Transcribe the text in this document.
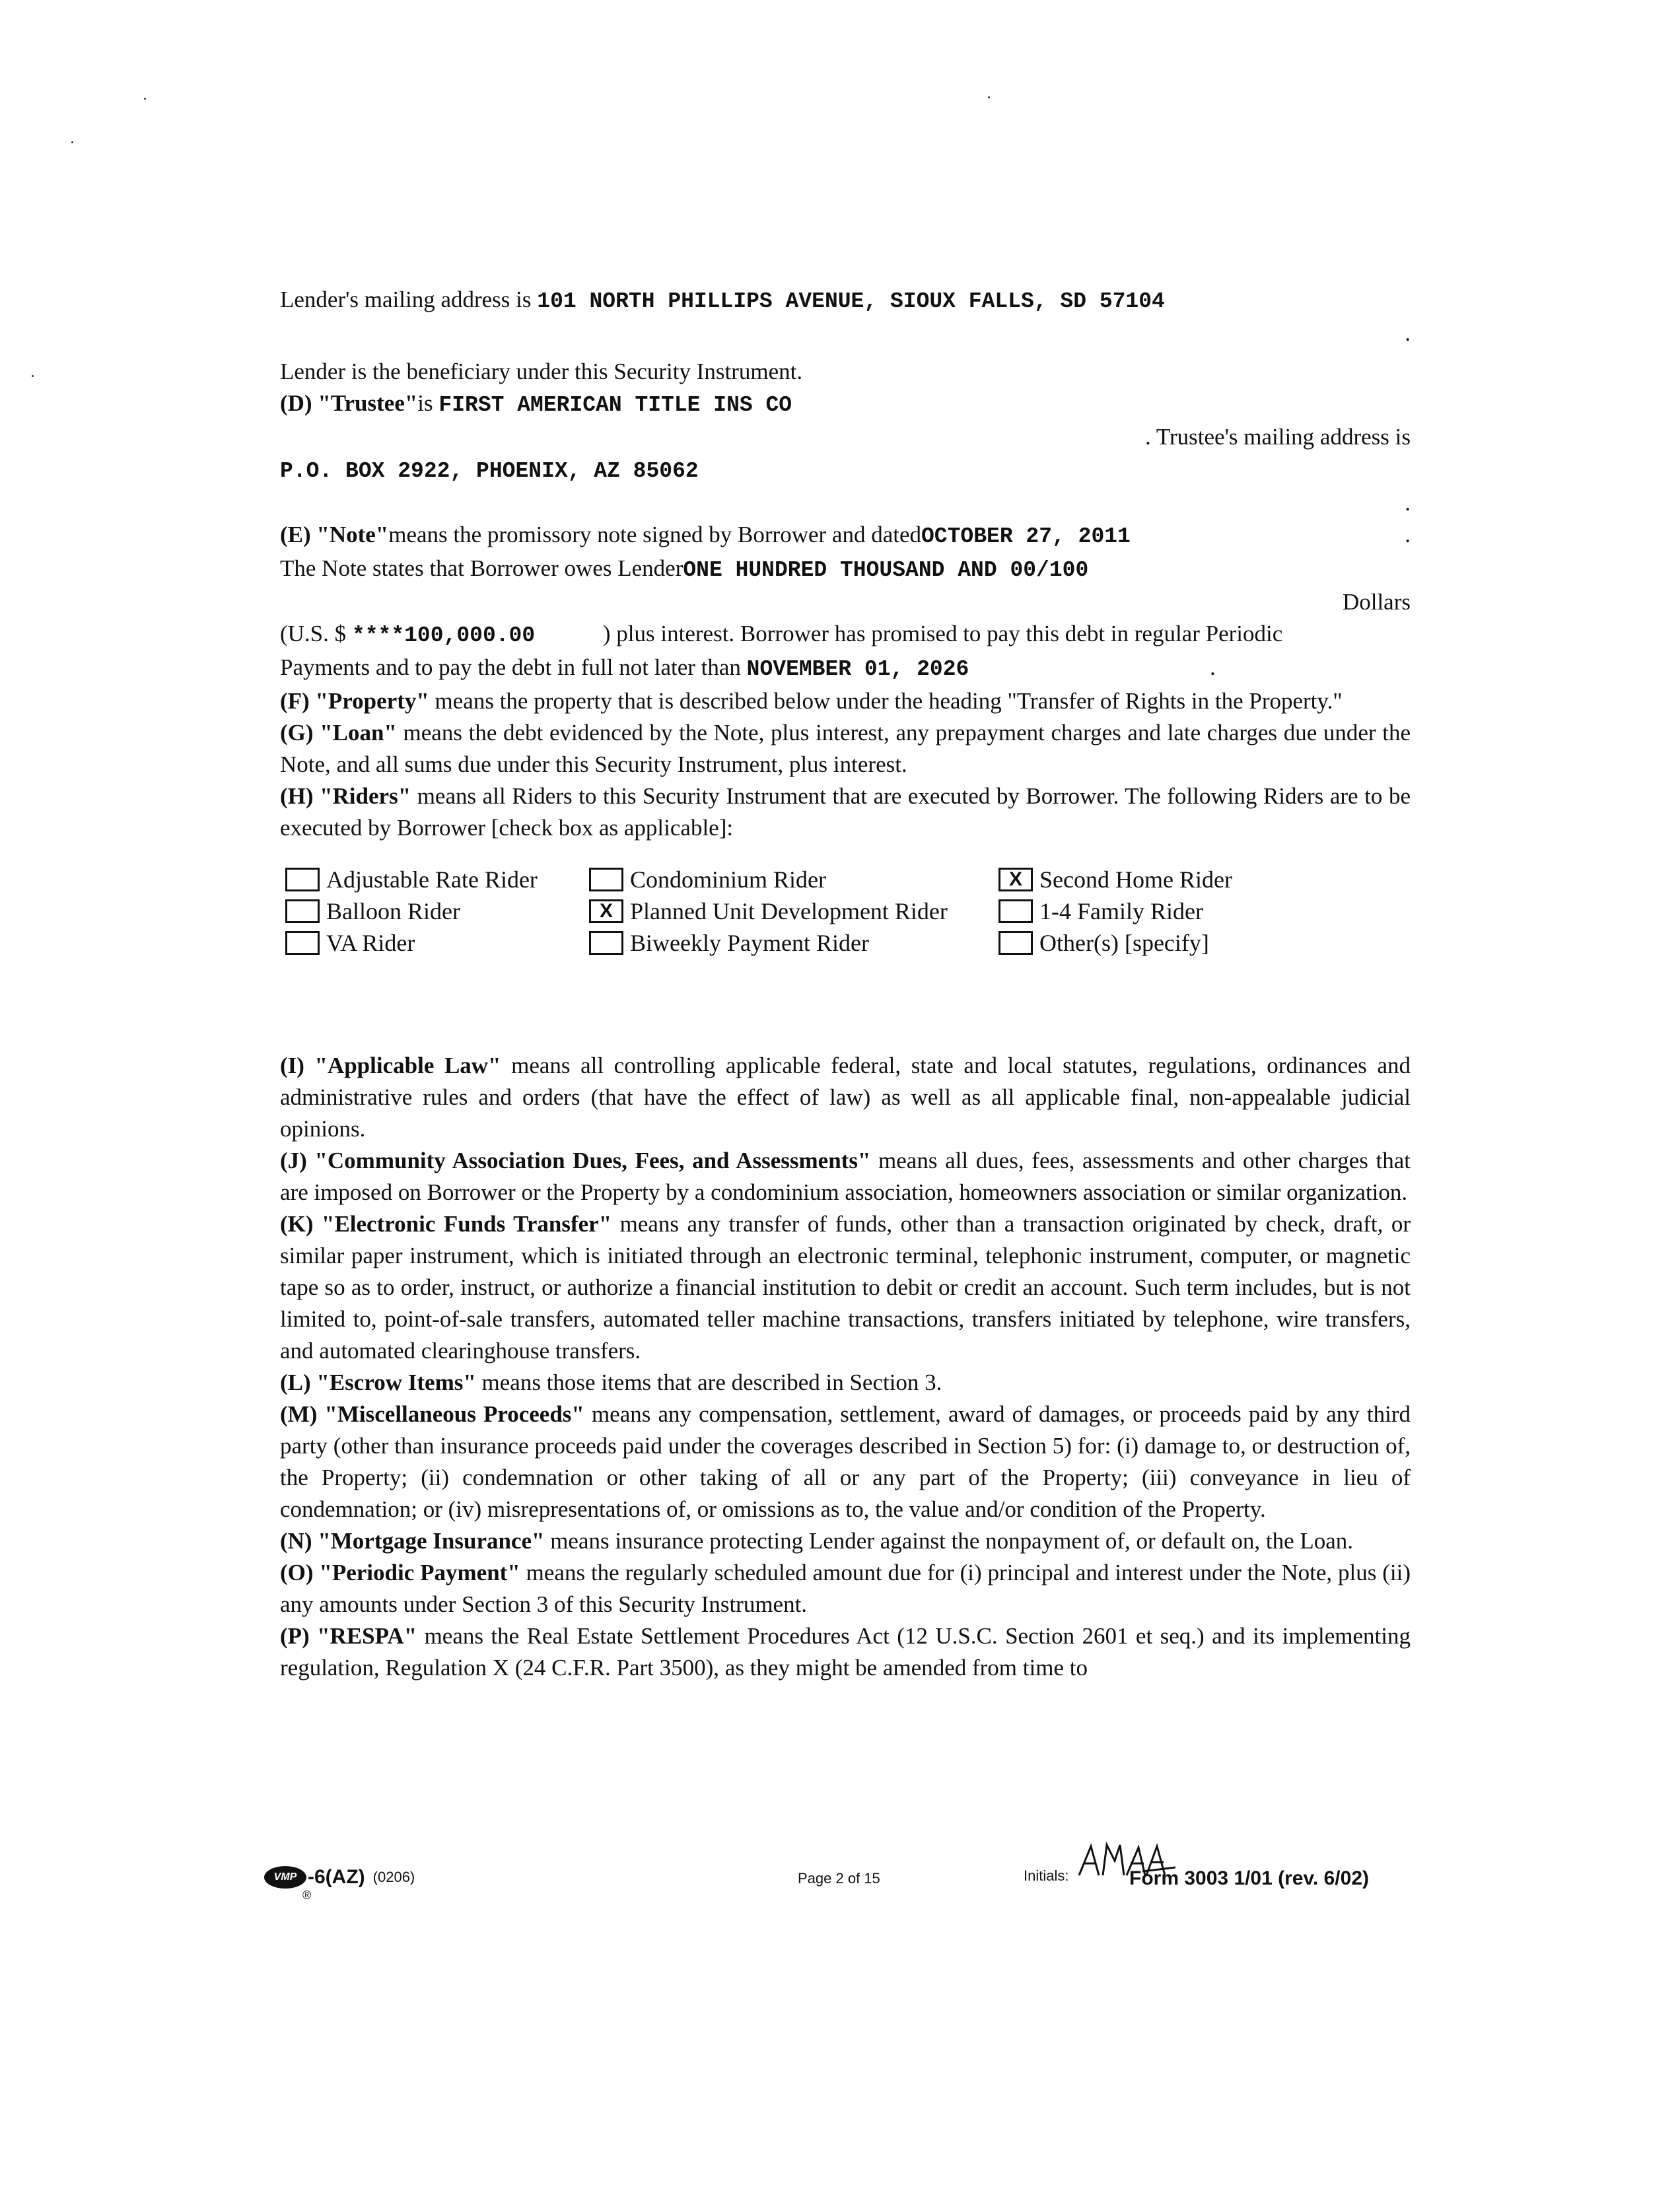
Lender's mailing address is 101 NORTH PHILLIPS AVENUE, SIOUX FALLS, SD 57104
.
Lender is the beneficiary under this Security Instrument.
(D) "Trustee"is FIRST AMERICAN TITLE INS CO
. Trustee's mailing address is
P.O. BOX 2922, PHOENIX, AZ 85062
.
(E) "Note"means the promissory note signed by Borrower and datedOCTOBER 27, 2011	.
The Note states that Borrower owes LenderONE HUNDRED THOUSAND AND 00/100
Dollars
(U.S. $ ****100,000.00	) plus interest. Borrower has promised to pay this debt in regular Periodic
Payments and to pay the debt in full not later than NOVEMBER 01, 2026	.

(F) "Property" means the property that is described below under the heading "Transfer of Rights in the Property."

(G) "Loan" means the debt evidenced by the Note, plus interest, any prepayment charges and late charges due under the Note, and all sums due under this Security Instrument, plus interest.

(H) "Riders" means all Riders to this Security Instrument that are executed by Borrower. The following Riders are to be executed by Borrower [check box as applicable]:

Adjustable Rate Rider	Condominium Rider	X Second Home Rider
Balloon Rider	X Planned Unit Development Rider	1-4 Family Rider
VA Rider	Biweekly Payment Rider	Other(s) [specify]

(I) "Applicable Law" means all controlling applicable federal, state and local statutes, regulations, ordinances and administrative rules and orders (that have the effect of law) as well as all applicable final, non-appealable judicial opinions.

(J) "Community Association Dues, Fees, and Assessments" means all dues, fees, assessments and other charges that are imposed on Borrower or the Property by a condominium association, homeowners association or similar organization.

(K) "Electronic Funds Transfer" means any transfer of funds, other than a transaction originated by check, draft, or similar paper instrument, which is initiated through an electronic terminal, telephonic instrument, computer, or magnetic tape so as to order, instruct, or authorize a financial institution to debit or credit an account. Such term includes, but is not limited to, point-of-sale transfers, automated teller machine transactions, transfers initiated by telephone, wire transfers, and automated clearinghouse transfers.

(L) "Escrow Items" means those items that are described in Section 3.

(M) "Miscellaneous Proceeds" means any compensation, settlement, award of damages, or proceeds paid by any third party (other than insurance proceeds paid under the coverages described in Section 5) for: (i) damage to, or destruction of, the Property; (ii) condemnation or other taking of all or any part of the Property; (iii) conveyance in lieu of condemnation; or (iv) misrepresentations of, or omissions as to, the value and/or condition of the Property.

(N) "Mortgage Insurance" means insurance protecting Lender against the nonpayment of, or default on, the Loan.

(O) "Periodic Payment" means the regularly scheduled amount due for (i) principal and interest under the Note, plus (ii) any amounts under Section 3 of this Security Instrument.

(P) "RESPA" means the Real Estate Settlement Procedures Act (12 U.S.C. Section 2601 et seq.) and its implementing regulation, Regulation X (24 C.F.R. Part 3500), as they might be amended from time to

VMP -6(AZ) (0206)
®
Page 2 of 15	Initials:	Form 3003 1/01 (rev. 6/02)
